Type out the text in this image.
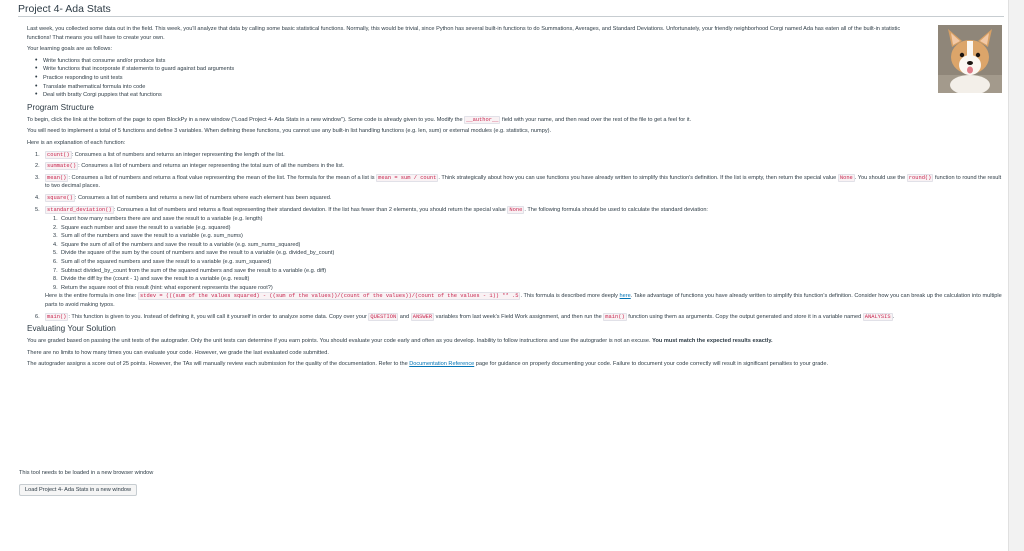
Project 4- Ada Stats

Last week, you collected some data out in the field. This week, you'll analyze that data by calling some basic statistical functions. Normally, this would be trivial, since Python has several built-in functions to do Summations, Averages, and Standard Deviations. Unfortunately, your friendly neighborhood Corgi named Ada has eaten all of the built-in statistic functions! That means you will have to create your own.

Your learning goals are as follows:

• Write functions that consume and/or produce lists
• Write functions that incorporate if statements to guard against bad arguments
• Practice responding to unit tests
• Translate mathematical formula into code
• Deal with bratty Corgi puppies that eat functions
Program Structure

To begin, click the link at the bottom of the page to open BlockPy in a new window ("Load Project 4- Ada Stats in a new window"). Some code is already given to you. Modify the __author__ field with your name, and then read over the rest of the file to get a feel for it.

You will need to implement a total of 5 functions and define 3 variables. When defining these functions, you cannot use any built-in list handling functions (e.g. len, sum) or external modules (e.g. statistics, numpy).

Here is an explanation of each function:

1. count() : Consumes a list of numbers and returns an integer representing the length of the list.
2. summate() : Consumes a list of numbers and returns an integer representing the total sum of all the numbers in the list.
3. mean() : Consumes a list of numbers and returns a float value representing the mean of the list. The formula for the mean of a list is mean = sum / count . Think strategically about how you can use functions you have already written to simplify this function's definition. If the list is empty, then return the special value None . You should use the round() function to round the result to two decimal places.
4. square() : Consumes a list of numbers and returns a new list of numbers where each element has been squared.
5. standard_deviation() : Consumes a list of numbers and returns a float representing their standard deviation. If the list has fewer than 2 elements, you should return the special value None . The following formula should be used to calculate the standard deviation:
1. Count how many numbers there are and save the result to a variable (e.g. length)
2. Square each number and save the result to a variable (e.g. squared)
3. Sum all of the numbers and save the result to a variable (e.g. sum_nums)
4. Square the sum of all of the numbers and save the result to a variable (e.g. sum_nums_squared)
5. Divide the square of the sum by the count of numbers and save the result to a variable (e.g. divided_by_count)
6. Sum all of the squared numbers and save the result to a variable (e.g. sum_squared)
7. Subtract divided_by_count from the sum of the squared numbers and save the result to a variable (e.g. diff)
8. Divide the diff by the (count - 1) and save the result to a variable (e.g. result)
9. Return the square root of this result (hint: what exponent represents the square root?)
Here is the entire formula in one line: stdev = (((sum of the values squared) - ((sum of the values))/(count of the values))/(count of the values - 1)) ** .5 . This formula is described more deeply here. Take advantage of functions you have already written to simplify this function's definition. Consider how you can break up the calculation into multiple parts to avoid making typos.
6. main() : This function is given to you. Instead of defining it, you will call it yourself in order to analyze some data. Copy over your QUESTION and ANSWER variables from last week's Field Work assignment, and then run the main() function using them as arguments. Copy the output generated and store it in a variable named ANALYSIS .
Evaluating Your Solution

You are graded based on passing the unit tests of the autograder. Only the unit tests can determine if you earn points. You should evaluate your code early and often as you develop. Inability to follow instructions and use the autograder is not an excuse. You must match the expected results exactly.

There are no limits to how many times you can evaluate your code. However, we grade the last evaluated code submitted.

The autograder assigns a score out of 25 points. However, the TAs will manually review each submission for the quality of the documentation. Refer to the Documentation Reference page for guidance on properly documenting your code. Failure to document your code correctly will result in significant penalties to your grade.

This tool needs to be loaded in a new browser window
Load Project 4- Ada Stats in a new window
